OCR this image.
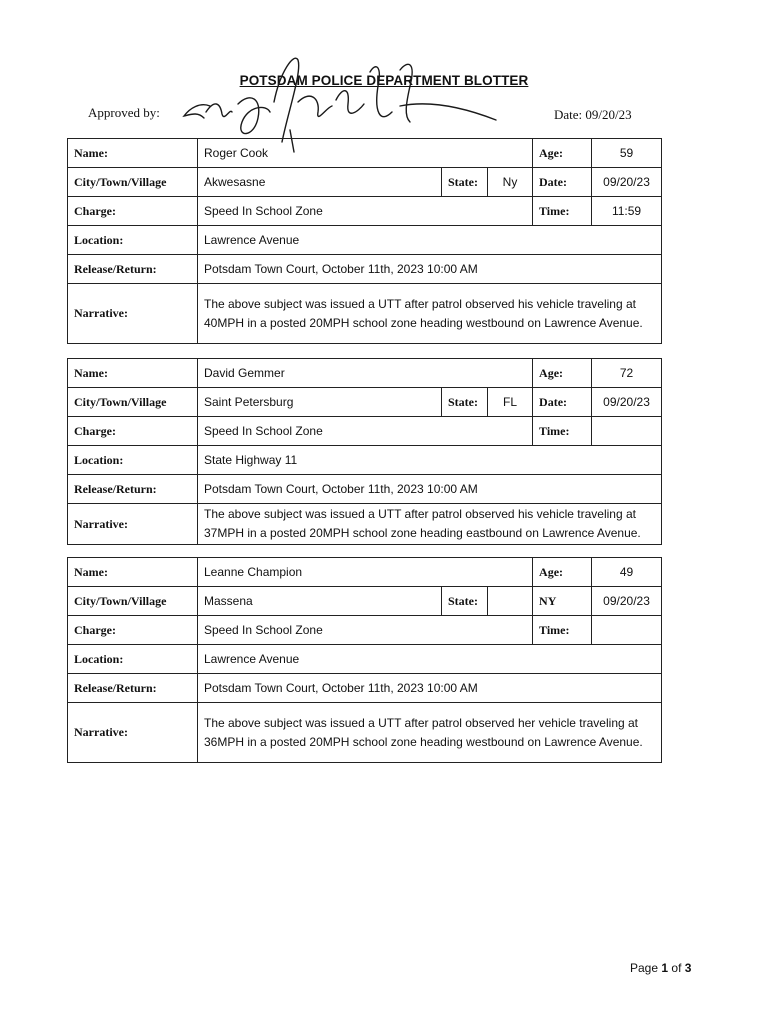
POTSDAM POLICE DEPARTMENT BLOTTER
Approved by:	Date: 09/20/23
Name:	Roger Cook			Age:	59
City/Town/Village	Akwesasne	State:	Ny	Date:	09/20/23
Charge:	Speed In School Zone			Time:	11:59
Location:	Lawrence Avenue				
Release/Return:	Potsdam Town Court, October 11th, 2023 10:00 AM				
Narrative:	The above subject was issued a UTT after patrol observed his vehicle traveling at 40MPH in a posted 20MPH school zone heading westbound on Lawrence Avenue.				
Name:	David Gemmer			Age:	72
City/Town/Village	Saint Petersburg	State:	FL	Date:	09/20/23
Charge:	Speed In School Zone			Time:	
Location:	State Highway 11				
Release/Return:	Potsdam Town Court, October 11th, 2023 10:00 AM				
Narrative:	The above subject was issued a UTT after patrol observed his vehicle traveling at 37MPH in a posted 20MPH school zone heading eastbound on Lawrence Avenue.				
Name:	Leanne Champion			Age:	49
City/Town/Village	Massena	State:		NY	09/20/23
Charge:	Speed In School Zone			Time:	
Location:	Lawrence Avenue				
Release/Return:	Potsdam Town Court, October 11th, 2023 10:00 AM				
Narrative:	The above subject was issued a UTT after patrol observed her vehicle traveling at 36MPH in a posted 20MPH school zone heading westbound on Lawrence Avenue.				
Page 1 of 3
